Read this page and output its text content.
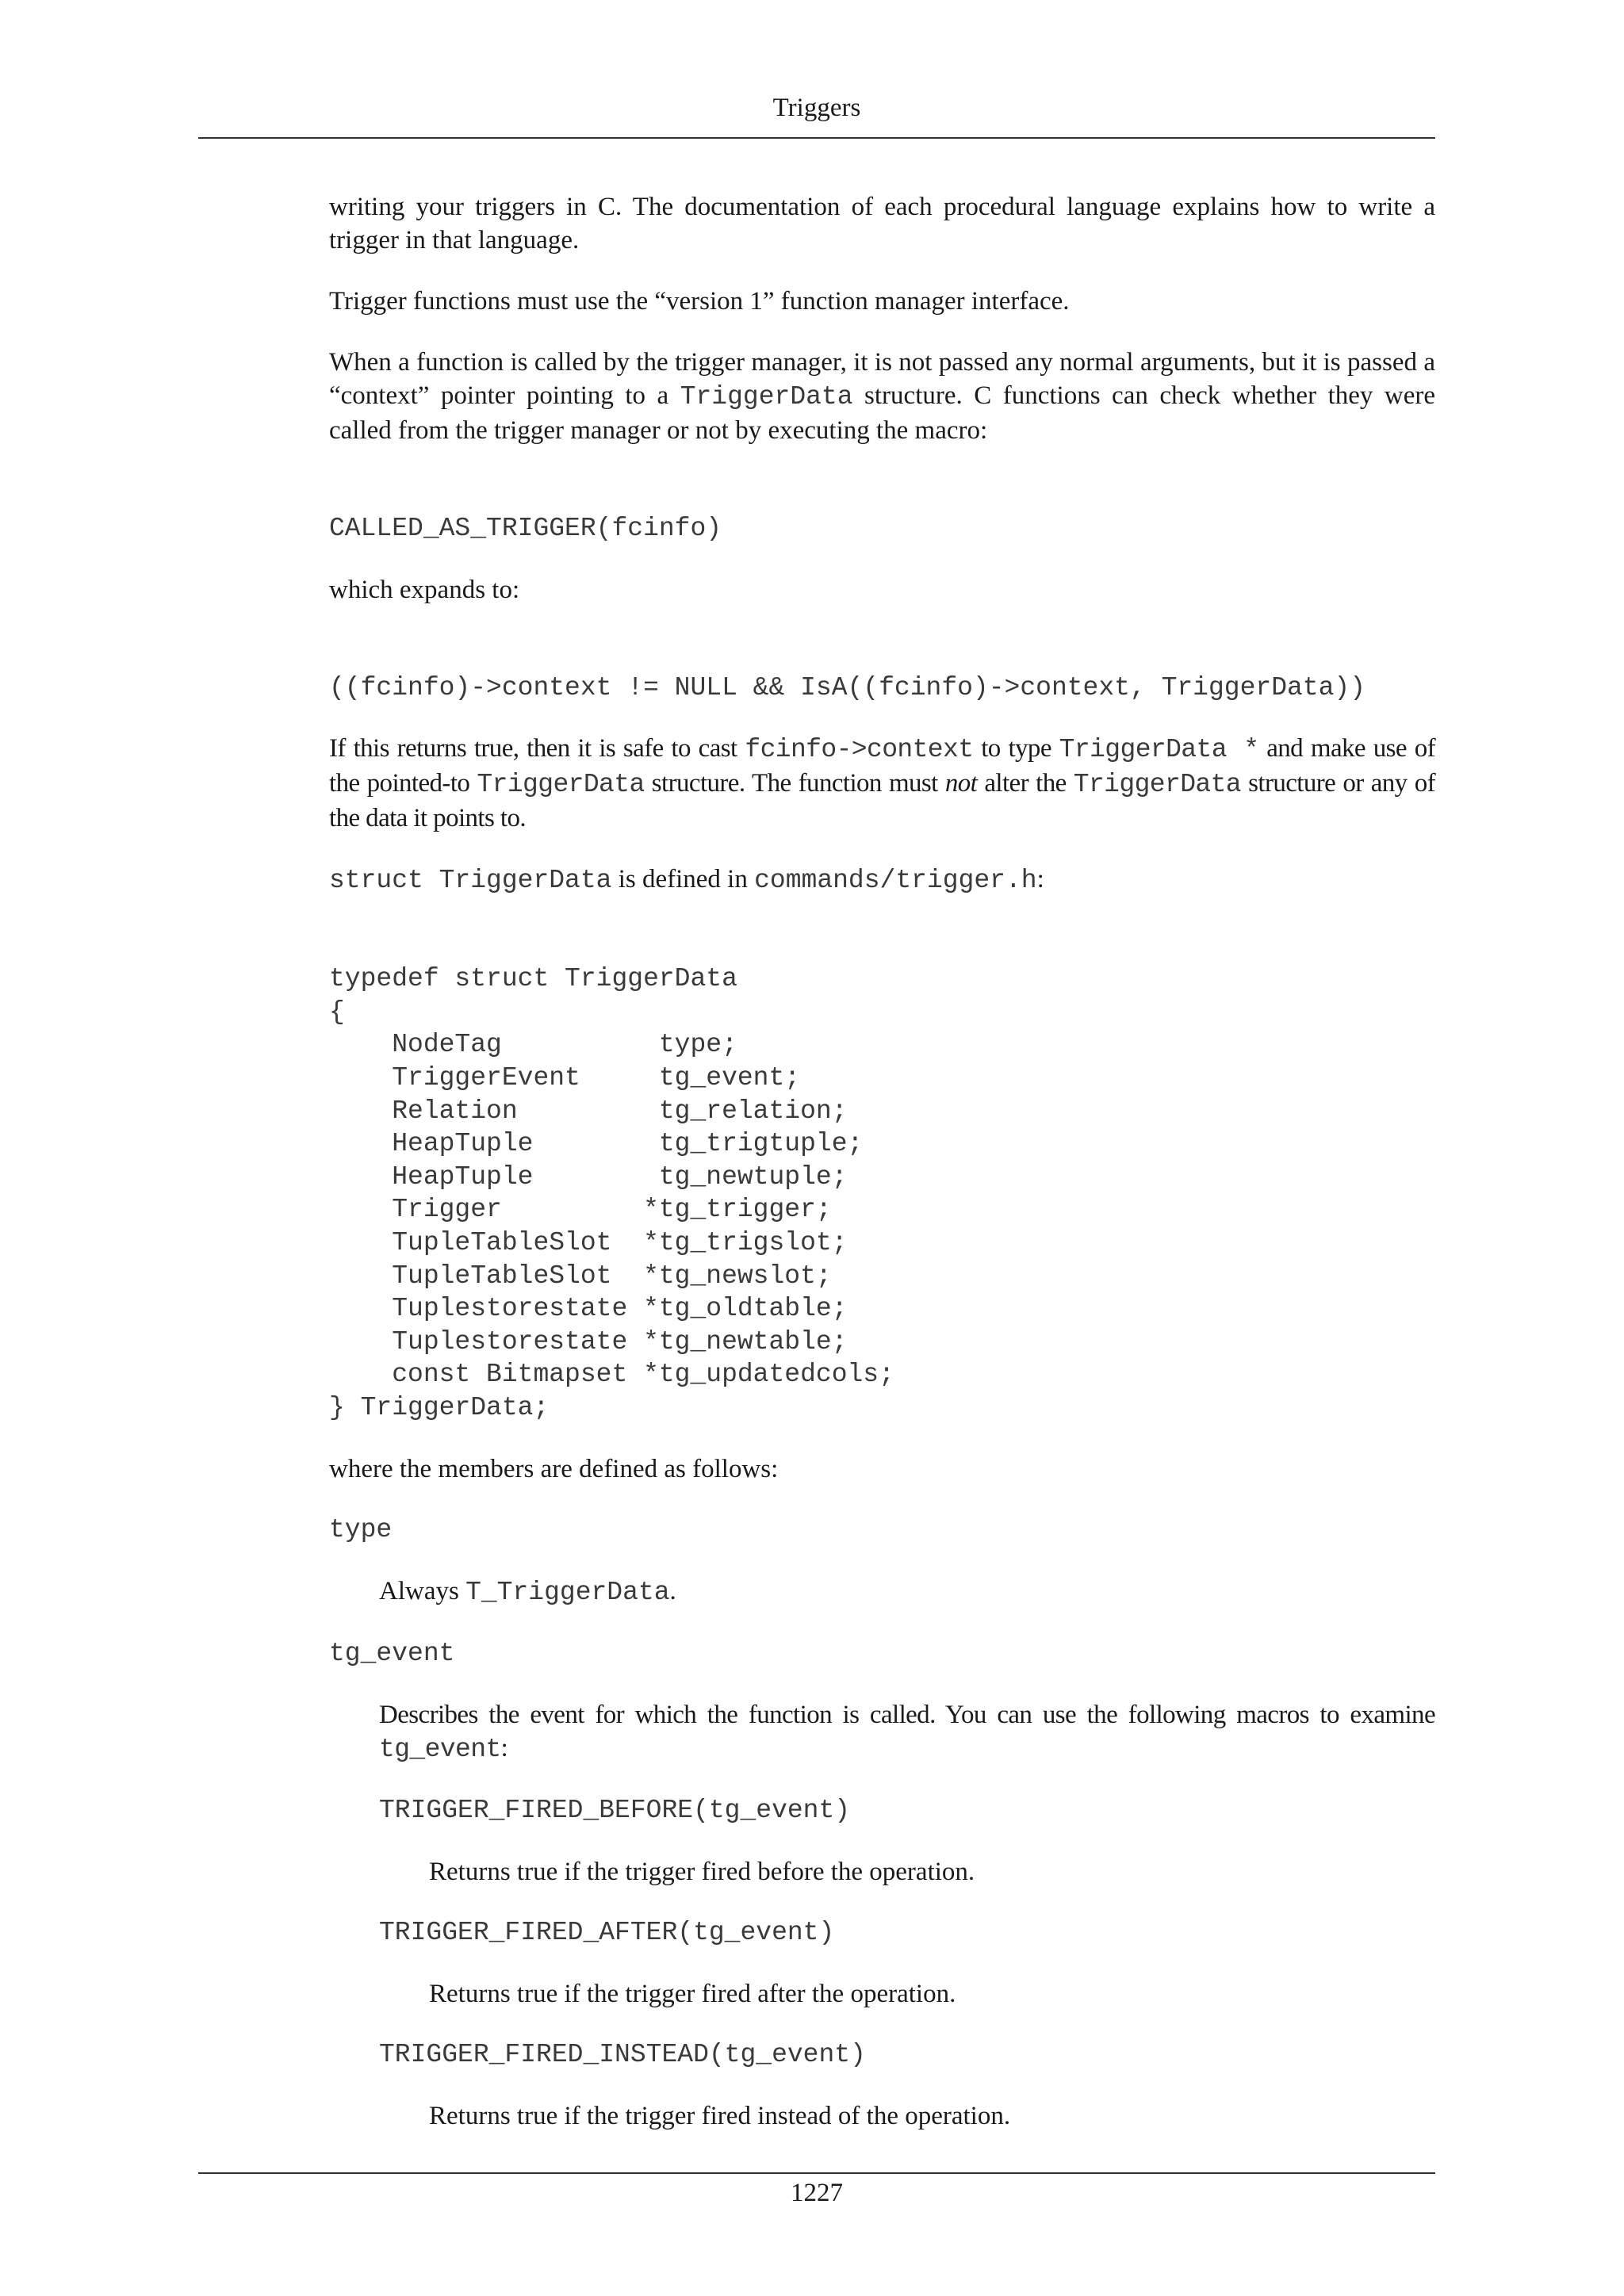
Triggers

writing your triggers in C. The documentation of each procedural language explains how to write a trigger in that language.

Trigger functions must use the “version 1” function manager interface.

When a function is called by the trigger manager, it is not passed any normal arguments, but it is passed a “context” pointer pointing to a TriggerData structure. C functions can check whether they were called from the trigger manager or not by executing the macro:

CALLED_AS_TRIGGER(fcinfo)

which expands to:

((fcinfo)->context != NULL && IsA((fcinfo)->context, TriggerData))

If this returns true, then it is safe to cast fcinfo->context to type TriggerData * and make use of the pointed-to TriggerData structure. The function must not alter the TriggerData structure or any of the data it points to.

struct TriggerData is defined in commands/trigger.h:

typedef struct TriggerData
{
NodeTag          type;
TriggerEvent     tg_event;
Relation         tg_relation;
HeapTuple        tg_trigtuple;
HeapTuple        tg_newtuple;
Trigger         *tg_trigger;
TupleTableSlot  *tg_trigslot;
TupleTableSlot  *tg_newslot;
Tuplestorestate *tg_oldtable;
Tuplestorestate *tg_newtable;
const Bitmapset *tg_updatedcols;
} TriggerData;

where the members are defined as follows:

type

Always T_TriggerData.

tg_event

Describes the event for which the function is called. You can use the following macros to examine tg_event:

TRIGGER_FIRED_BEFORE(tg_event)

Returns true if the trigger fired before the operation.

TRIGGER_FIRED_AFTER(tg_event)

Returns true if the trigger fired after the operation.

TRIGGER_FIRED_INSTEAD(tg_event)

Returns true if the trigger fired instead of the operation.

1227
